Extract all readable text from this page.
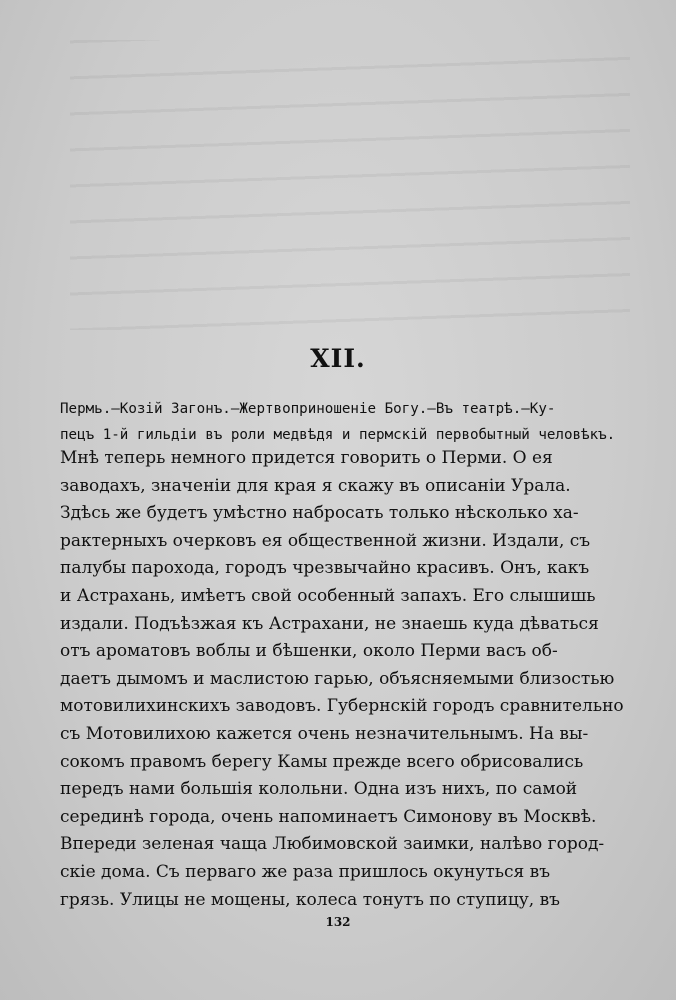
XII.
Пермь.—Козій Загонъ.—Жертвоприношеніе Богу.—Въ театрѣ.—Ку-
пецъ 1-й гильдіи въ роли медвѣдя и пермскій первобытный человѣкъ.
Мнѣ теперь немного придется говорить о Перми. О ея
заводахъ, значеніи для края я скажу въ описаніи Урала.
Здѣсь же будетъ умѣстно набросать только нѣсколько ха-
рактерныхъ очерковъ ея общественной жизни. Издали, съ
палубы парохода, городъ чрезвычайно красивъ. Онъ, какъ
и Астрахань, имѣетъ свой особенный запахъ. Его слышишь
издали. Подъѣзжая къ Астрахани, не знаешь куда дѣваться
отъ ароматовъ воблы и бѣшенки, около Перми васъ об-
даетъ дымомъ и маслистою гарью, объясняемыми близостью
мотовилихинскихъ заводовъ. Губернскій городъ сравнительно
съ Мотовилихою кажется очень незначительнымъ. На вы-
сокомъ правомъ берегу Камы прежде всего обрисовались
передъ нами большія колольни. Одна изъ нихъ, по самой
серединѣ города, очень напоминаетъ Симонову въ Москвѣ.
Впереди зеленая чаща Любимовской заимки, налѣво город-
скіе дома. Съ перваго же раза пришлось окунуться въ
грязь. Улицы не мощены, колеса тонутъ по ступицу, въ
132
